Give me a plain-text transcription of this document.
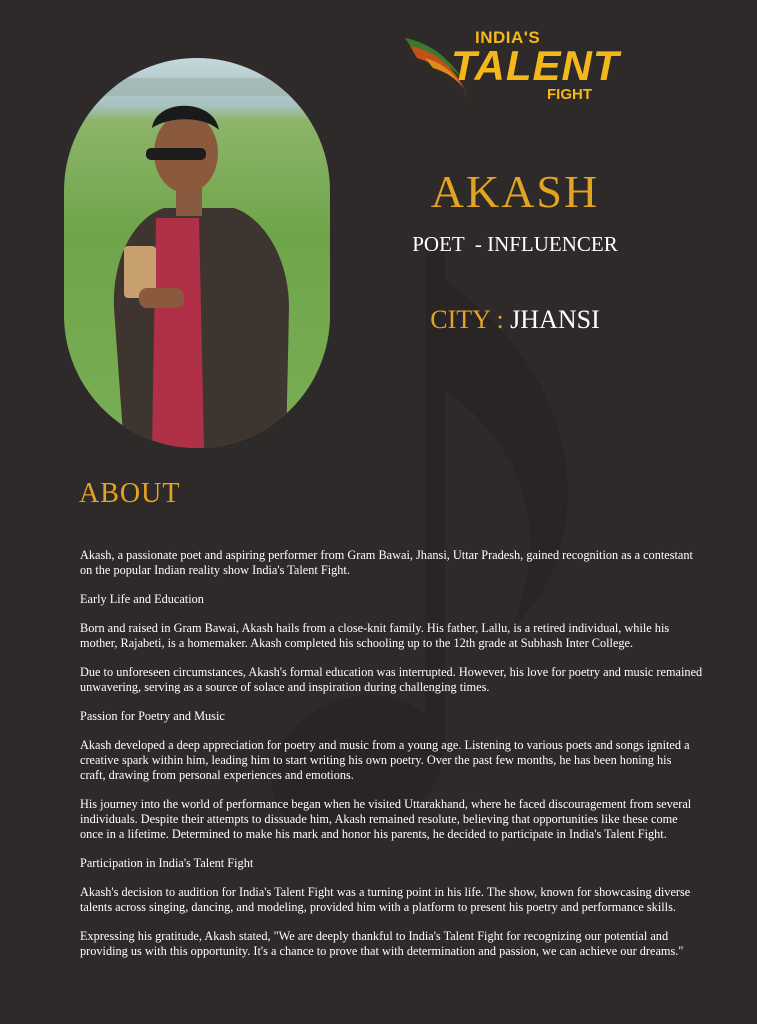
INDIA'S
TALENT
FIGHT
AKASH
POET  - INFLUENCER
CITY : JHANSI
ABOUT

Akash, a passionate poet and aspiring performer from Gram Bawai, Jhansi, Uttar Pradesh, gained recognition as a contestant
on the popular Indian reality show India's Talent Fight.

Early Life and Education

Born and raised in Gram Bawai, Akash hails from a close-knit family. His father, Lallu, is a retired individual, while his
mother, Rajabeti, is a homemaker. Akash completed his schooling up to the 12th grade at Subhash Inter College.

Due to unforeseen circumstances, Akash's formal education was interrupted. However, his love for poetry and music remained
unwavering, serving as a source of solace and inspiration during challenging times.

Passion for Poetry and Music

Akash developed a deep appreciation for poetry and music from a young age. Listening to various poets and songs ignited a
creative spark within him, leading him to start writing his own poetry. Over the past few months, he has been honing his
craft, drawing from personal experiences and emotions.

His journey into the world of performance began when he visited Uttarakhand, where he faced discouragement from several
individuals. Despite their attempts to dissuade him, Akash remained resolute, believing that opportunities like these come
once in a lifetime. Determined to make his mark and honor his parents, he decided to participate in India's Talent Fight.

Participation in India's Talent Fight

Akash's decision to audition for India's Talent Fight was a turning point in his life. The show, known for showcasing diverse
talents across singing, dancing, and modeling, provided him with a platform to present his poetry and performance skills.

Expressing his gratitude, Akash stated, "We are deeply thankful to India's Talent Fight for recognizing our potential and
providing us with this opportunity. It's a chance to prove that with determination and passion, we can achieve our dreams."
